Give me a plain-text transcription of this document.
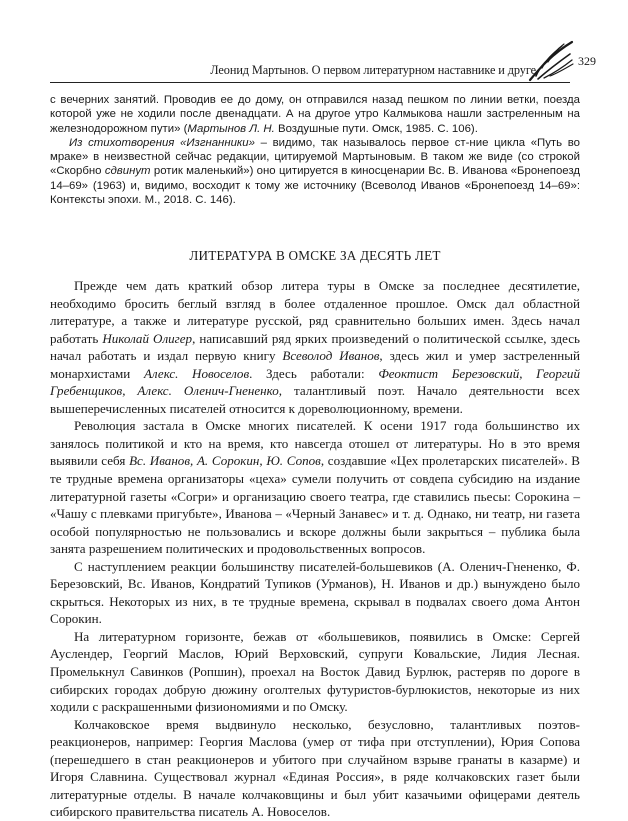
Леонид Мартынов. О первом литературном наставнике и друге
329

с вечерних занятий. Проводив ее до дому, он отправился назад пешком по линии ветки, поезда которой уже не ходили после двенадцати. А на другое утро Калмыкова нашли застреленным на железнодорожном пути» (Мартынов Л. Н. Воздушные пути. Омск, 1985. С. 106).

Из стихотворения «Изгнанники» – видимо, так называлось первое ст-ние цикла «Путь во мраке» в неизвестной сейчас редакции, цитируемой Мартыновым. В таком же виде (со строкой «Скорбно сдвинут ротик маленький») оно цитируется в киносценарии Вс. В. Иванова «Бронепоезд 14–69» (1963) и, видимо, восходит к тому же источнику (Всеволод Иванов «Бронепоезд 14–69»: Контексты эпохи. М., 2018. С. 146).

ЛИТЕРАТУРА В ОМСКЕ ЗА ДЕСЯТЬ ЛЕТ

Прежде чем дать краткий обзор литера туры в Омске за последнее десятилетие, необходимо бросить беглый взгляд в более отдаленное прошлое. Омск дал областной литературе, а также и литературе русской, ряд сравнительно больших имен. Здесь начал работать Николай Олигер, написавший ряд ярких произведений о политической ссылке, здесь начал работать и издал первую книгу Всеволод Иванов, здесь жил и умер застреленный монархистами Алекс. Новоселов. Здесь работали: Феоктист Березовский, Георгий Гребенщиков, Алекс. Оленич-Гнененко, талантливый поэт. Начало деятельности всех вышеперечисленных писателей относится к дореволюционному, времени.

Революция застала в Омске многих писателей. К осени 1917 года большинство их занялось политикой и кто на время, кто навсегда отошел от литературы. Но в это время выявили себя Вс. Иванов, А. Сорокин, Ю. Сопов, создавшие «Цех пролетарских писателей». В те трудные времена организаторы «цеха» сумели получить от совдепа субсидию на издание литературной газеты «Согри» и организацию своего театра, где ставились пьесы: Сорокина – «Чашу с плевками пригубьте», Иванова – «Черный Занавес» и т. д. Однако, ни театр, ни газета особой популярностью не пользовались и вскоре должны были закрыться – публика была занята разрешением политических и продовольственных вопросов.

С наступлением реакции большинству писателей-большевиков (А. Оленич-Гнененко, Ф. Березовский, Вс. Иванов, Кондратий Тупиков (Урманов), Н. Иванов и др.) вынуждено было скрыться. Некоторых из них, в те трудные времена, скрывал в подвалах своего дома Антон Сорокин.

На литературном горизонте, бежав от «большевиков, появились в Омске: Сергей Ауслендер, Георгий Маслов, Юрий Верховский, супруги Ковальские, Лидия Лесная. Промелькнул Савинков (Ропшин), проехал на Восток Давид Бурлюк, растеряв по дороге в сибирских городах добрую дюжину оголтелых футуристов-бурлюкистов, некоторые из них ходили с раскрашенными физиономиями и по Омску.

Колчаковское время выдвинуло несколько, безусловно, талантливых поэтов-реакционеров, например: Георгия Маслова (умер от тифа при отступлении), Юрия Сопова (перешедшего в стан реакционеров и убитого при случайном взрыве гранаты в казарме) и Игоря Славнина. Существовал журнал «Единая Россия», в ряде колчаковских газет были литературные отделы. В начале колчаковщины и был убит казачьими офицерами деятель сибирского правительства писатель А. Новоселов.
